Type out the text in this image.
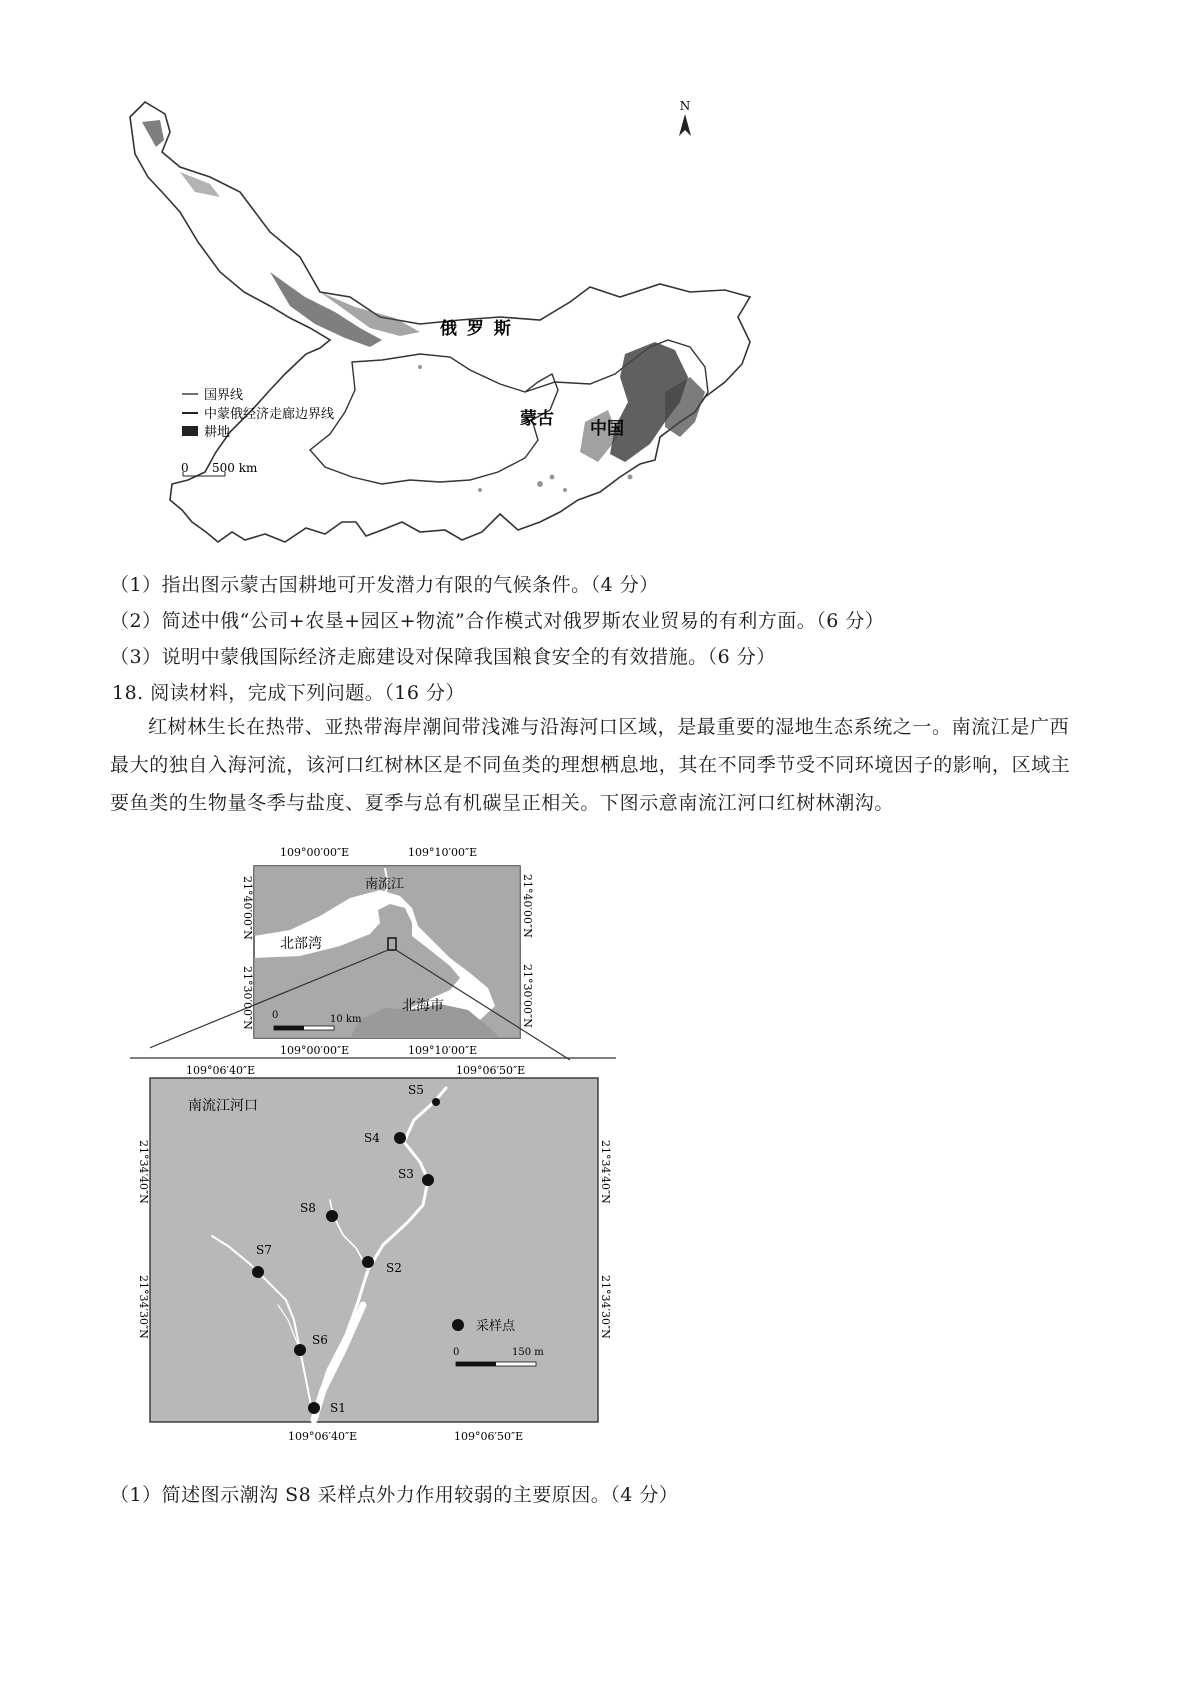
N
俄 罗 斯
蒙古 中国
国界线
中蒙俄经济走廊边界线
耕地
0 500 km
（1）指出图示蒙古国耕地可开发潜力有限的气候条件。（4 分）
（2）简述中俄“公司+农垦+园区+物流”合作模式对俄罗斯农业贸易的有利方面。（6 分）
（3）说明中蒙俄国际经济走廊建设对保障我国粮食安全的有效措施。（6 分）
18. 阅读材料，完成下列问题。（16 分）
红树林生长在热带、亚热带海岸潮间带浅滩与沿海河口区域，是最重要的湿地生态系统之一。南流江是广西最大的独自入海河流，该河口红树林区是不同鱼类的理想栖息地，其在不同季节受不同环境因子的影响，区域主要鱼类的生物量冬季与盐度、夏季与总有机碳呈正相关。下图示意南流江河口红树林潮沟。
109°00′00″E	109°10′00″E
109°00′00″E	109°10′00″E
21°40′00″N
21°30′00″N
21°40′00″N
21°30′00″N
南流江
北部湾
北海市
0	10 km
S1
S2
S3
S4
S5
S6
S7
S8
南流江河口
109°06′40″E	109°06′50″E
109°06′40″E	109°06′50″E
21°34′40″N
21°34′30″N
21°34′40″N
21°34′30″N
采样点
0	150 m
（1）简述图示潮沟 S8 采样点外力作用较弱的主要原因。（4 分）
